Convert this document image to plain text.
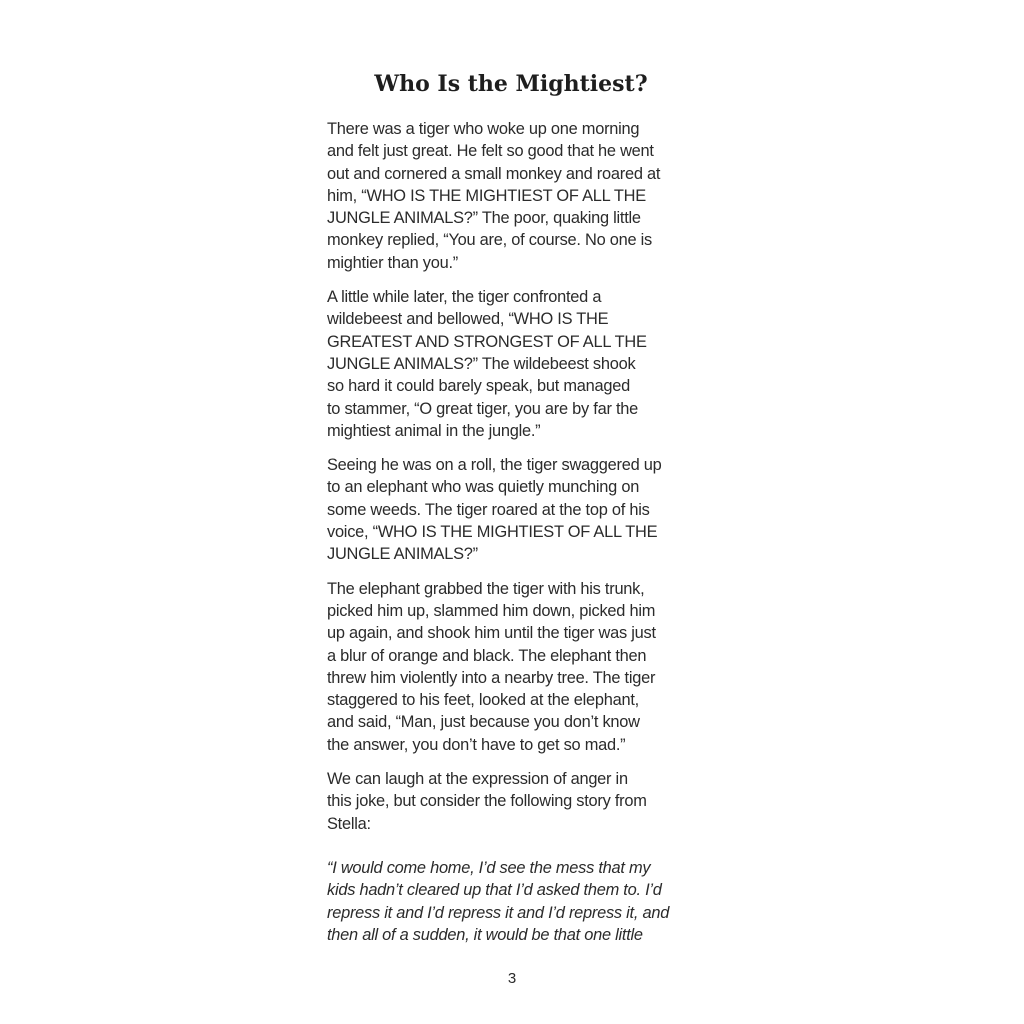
Who Is the Mightiest?

There was a tiger who woke up one morning
and felt just great. He felt so good that he went
out and cornered a small monkey and roared at
him, “WHO IS THE MIGHTIEST OF ALL THE
JUNGLE ANIMALS?” The poor, quaking little
monkey replied, “You are, of course. No one is
mightier than you.”

A little while later, the tiger confronted a
wildebeest and bellowed, “WHO IS THE
GREATEST AND STRONGEST OF ALL THE
JUNGLE ANIMALS?” The wildebeest shook
so hard it could barely speak, but managed
to stammer, “O great tiger, you are by far the
mightiest animal in the jungle.”

Seeing he was on a roll, the tiger swaggered up
to an elephant who was quietly munching on
some weeds. The tiger roared at the top of his
voice, “WHO IS THE MIGHTIEST OF ALL THE
JUNGLE ANIMALS?”

The elephant grabbed the tiger with his trunk,
picked him up, slammed him down, picked him
up again, and shook him until the tiger was just
a blur of orange and black. The elephant then
threw him violently into a nearby tree. The tiger
staggered to his feet, looked at the elephant,
and said, “Man, just because you don’t know
the answer, you don’t have to get so mad.”

We can laugh at the expression of anger in
this joke, but consider the following story from
Stella:

“I would come home, I’d see the mess that my
kids hadn’t cleared up that I’d asked them to. I’d
repress it and I’d repress it and I’d repress it, and
then all of a sudden, it would be that one little

3
